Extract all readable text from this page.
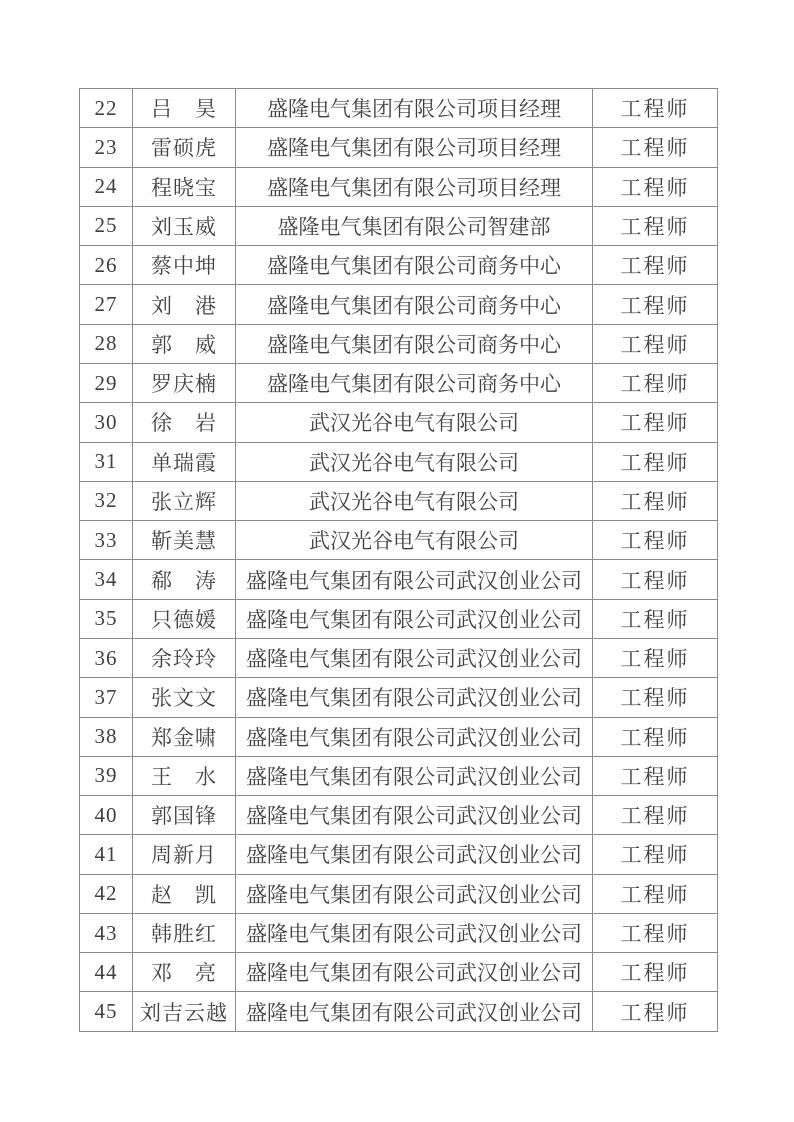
22	吕　昊	盛隆电气集团有限公司项目经理	工程师
23	雷硕虎	盛隆电气集团有限公司项目经理	工程师
24	程晓宝	盛隆电气集团有限公司项目经理	工程师
25	刘玉威	盛隆电气集团有限公司智建部	工程师
26	蔡中坤	盛隆电气集团有限公司商务中心	工程师
27	刘　港	盛隆电气集团有限公司商务中心	工程师
28	郭　威	盛隆电气集团有限公司商务中心	工程师
29	罗庆楠	盛隆电气集团有限公司商务中心	工程师
30	徐　岩	武汉光谷电气有限公司	工程师
31	单瑞霞	武汉光谷电气有限公司	工程师
32	张立辉	武汉光谷电气有限公司	工程师
33	靳美慧	武汉光谷电气有限公司	工程师
34	郗　涛	盛隆电气集团有限公司武汉创业公司	工程师
35	只德媛	盛隆电气集团有限公司武汉创业公司	工程师
36	余玲玲	盛隆电气集团有限公司武汉创业公司	工程师
37	张文文	盛隆电气集团有限公司武汉创业公司	工程师
38	郑金啸	盛隆电气集团有限公司武汉创业公司	工程师
39	王　水	盛隆电气集团有限公司武汉创业公司	工程师
40	郭国锋	盛隆电气集团有限公司武汉创业公司	工程师
41	周新月	盛隆电气集团有限公司武汉创业公司	工程师
42	赵　凯	盛隆电气集团有限公司武汉创业公司	工程师
43	韩胜红	盛隆电气集团有限公司武汉创业公司	工程师
44	邓　亮	盛隆电气集团有限公司武汉创业公司	工程师
45	刘吉云越	盛隆电气集团有限公司武汉创业公司	工程师
